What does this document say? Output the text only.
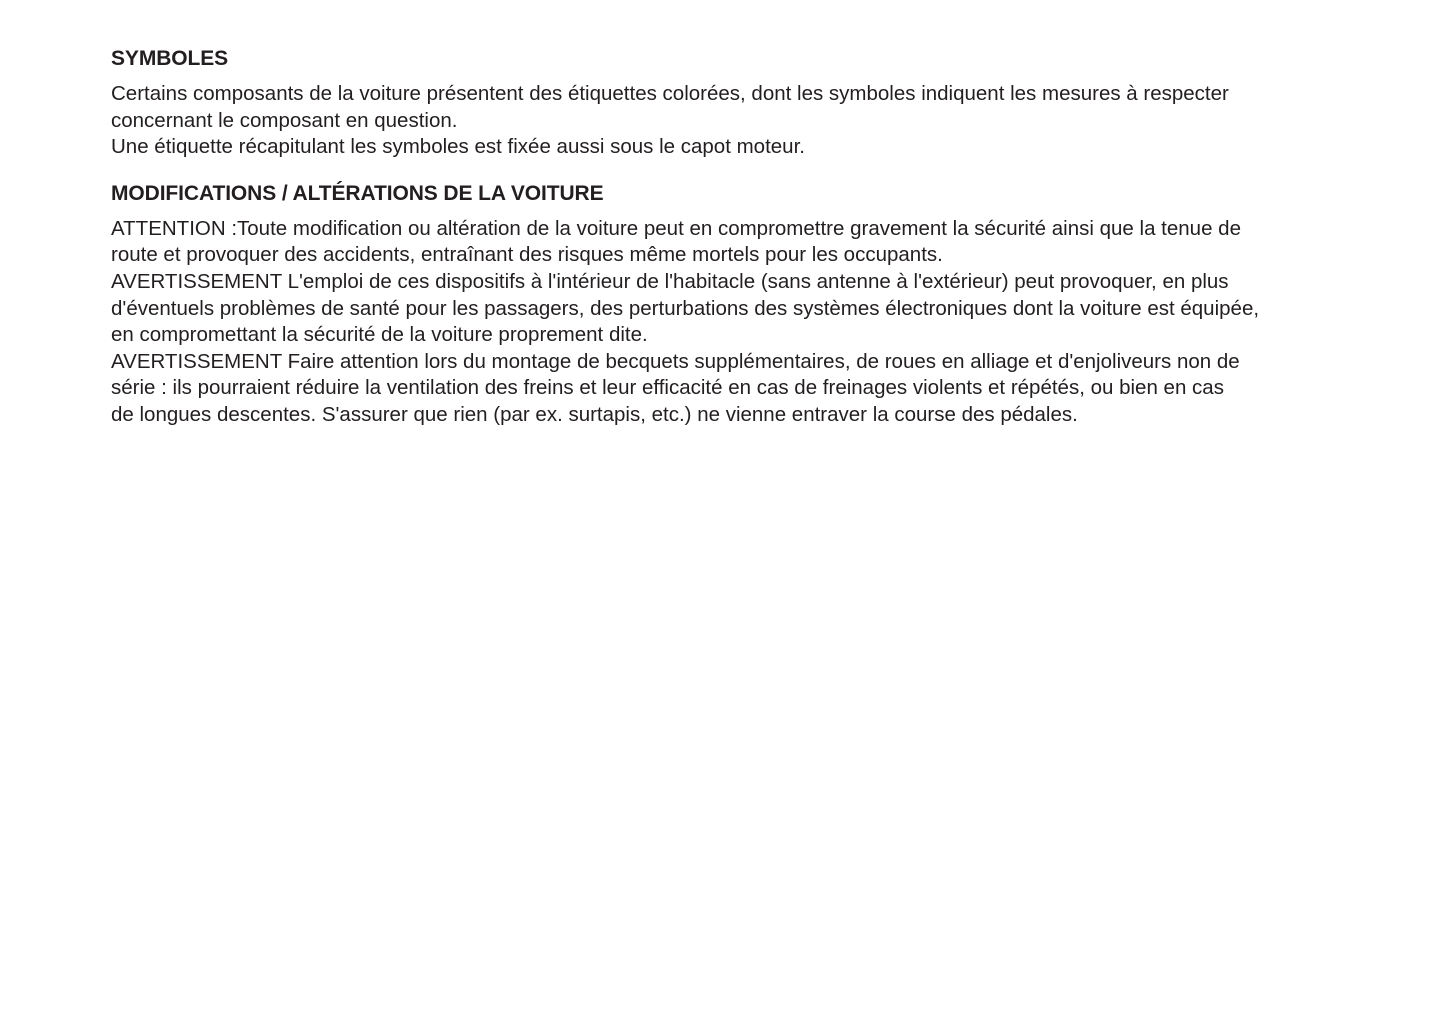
SYMBOLES

Certains composants de la voiture présentent des étiquettes colorées, dont les symboles indiquent les mesures à respecter
concernant le composant en question.

Une étiquette récapitulant les symboles est fixée aussi sous le capot moteur.

MODIFICATIONS / ALTÉRATIONS DE LA VOITURE

ATTENTION :Toute modification ou altération de la voiture peut en compromettre gravement la sécurité ainsi que la tenue de
route et provoquer des accidents, entraînant des risques même mortels pour les occupants.

AVERTISSEMENT L'emploi de ces dispositifs à l'intérieur de l'habitacle (sans antenne à l'extérieur) peut provoquer, en plus
d'éventuels problèmes de santé pour les passagers, des perturbations des systèmes électroniques dont la voiture est équipée,
en compromettant la sécurité de la voiture proprement dite.

AVERTISSEMENT Faire attention lors du montage de becquets supplémentaires, de roues en alliage et d'enjoliveurs non de
série : ils pourraient réduire la ventilation des freins et leur efficacité en cas de freinages violents et répétés, ou bien en cas
de longues descentes. S'assurer que rien (par ex. surtapis, etc.) ne vienne entraver la course des pédales.
